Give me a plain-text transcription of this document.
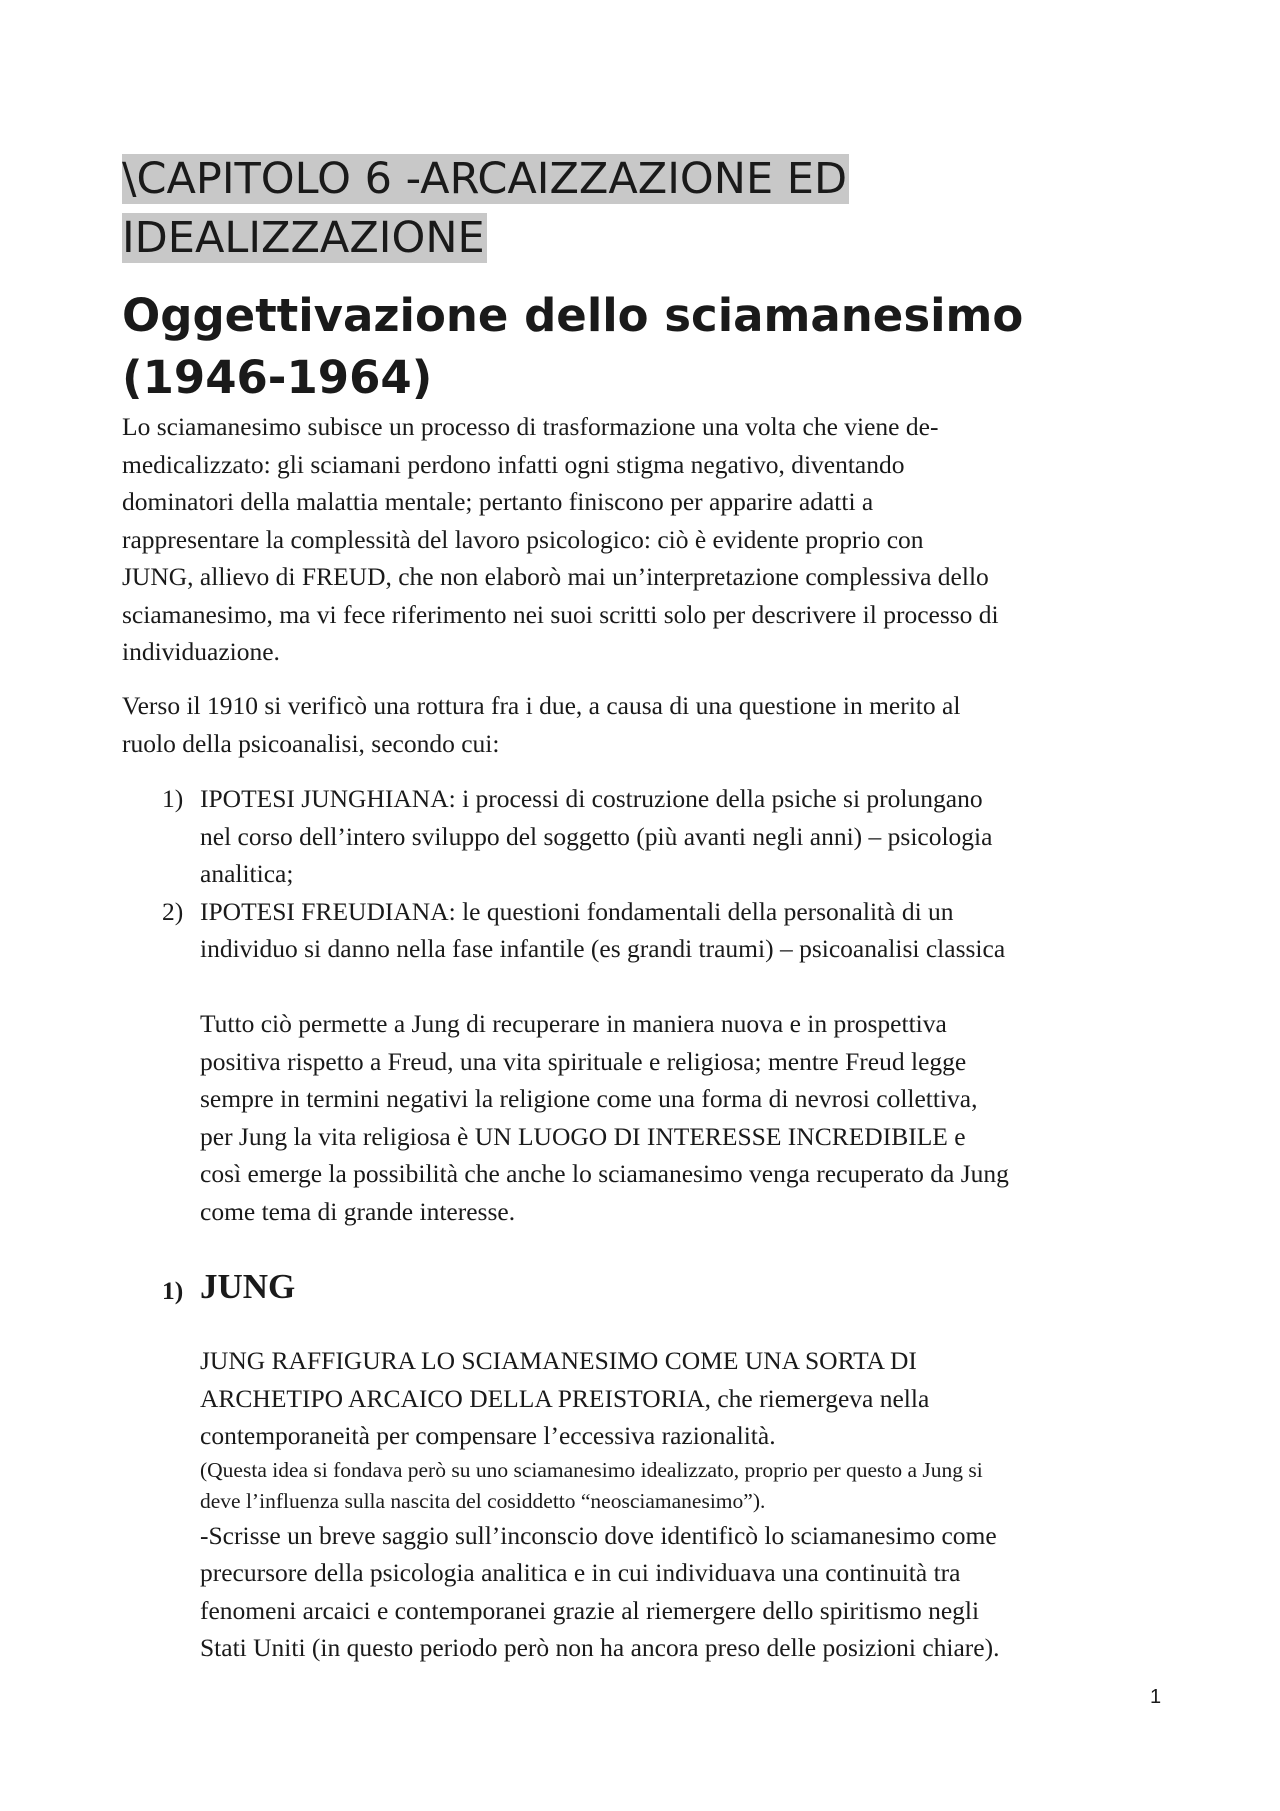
\CAPITOLO 6 -ARCAIZZAZIONE ED
IDEALIZZAZIONE
Oggettivazione dello sciamanesimo
(1946-1964)

Lo sciamanesimo subisce un processo di trasformazione una volta che viene de-
medicalizzato: gli sciamani perdono infatti ogni stigma negativo, diventando
dominatori della malattia mentale; pertanto finiscono per apparire adatti a
rappresentare la complessità del lavoro psicologico: ciò è evidente proprio con
JUNG, allievo di FREUD, che non elaborò mai un’interpretazione complessiva dello
sciamanesimo, ma vi fece riferimento nei suoi scritti solo per descrivere il processo di
individuazione.

Verso il 1910 si verificò una rottura fra i due, a causa di una questione in merito al
ruolo della psicoanalisi, secondo cui:

1) IPOTESI JUNGHIANA: i processi di costruzione della psiche si prolungano
nel corso dell’intero sviluppo del soggetto (più avanti negli anni) – psicologia
analitica;
2) IPOTESI FREUDIANA: le questioni fondamentali della personalità di un
individuo si danno nella fase infantile (es grandi traumi) – psicoanalisi classica

Tutto ciò permette a Jung di recuperare in maniera nuova e in prospettiva
positiva rispetto a Freud, una vita spirituale e religiosa; mentre Freud legge
sempre in termini negativi la religione come una forma di nevrosi collettiva,
per Jung la vita religiosa è UN LUOGO DI INTERESSE INCREDIBILE e
così emerge la possibilità che anche lo sciamanesimo venga recuperato da Jung
come tema di grande interesse.

1) JUNG
JUNG RAFFIGURA LO SCIAMANESIMO COME UNA SORTA DI
ARCHETIPO ARCAICO DELLA PREISTORIA, che riemergeva nella
contemporaneità per compensare l’eccessiva razionalità.
(Questa idea si fondava però su uno sciamanesimo idealizzato, proprio per questo a Jung si
deve l’influenza sulla nascita del cosiddetto “neosciamanesimo”).
-Scrisse un breve saggio sull’inconscio dove identificò lo sciamanesimo come
precursore della psicologia analitica e in cui individuava una continuità tra
fenomeni arcaici e contemporanei grazie al riemergere dello spiritismo negli
Stati Uniti (in questo periodo però non ha ancora preso delle posizioni chiare).
1
